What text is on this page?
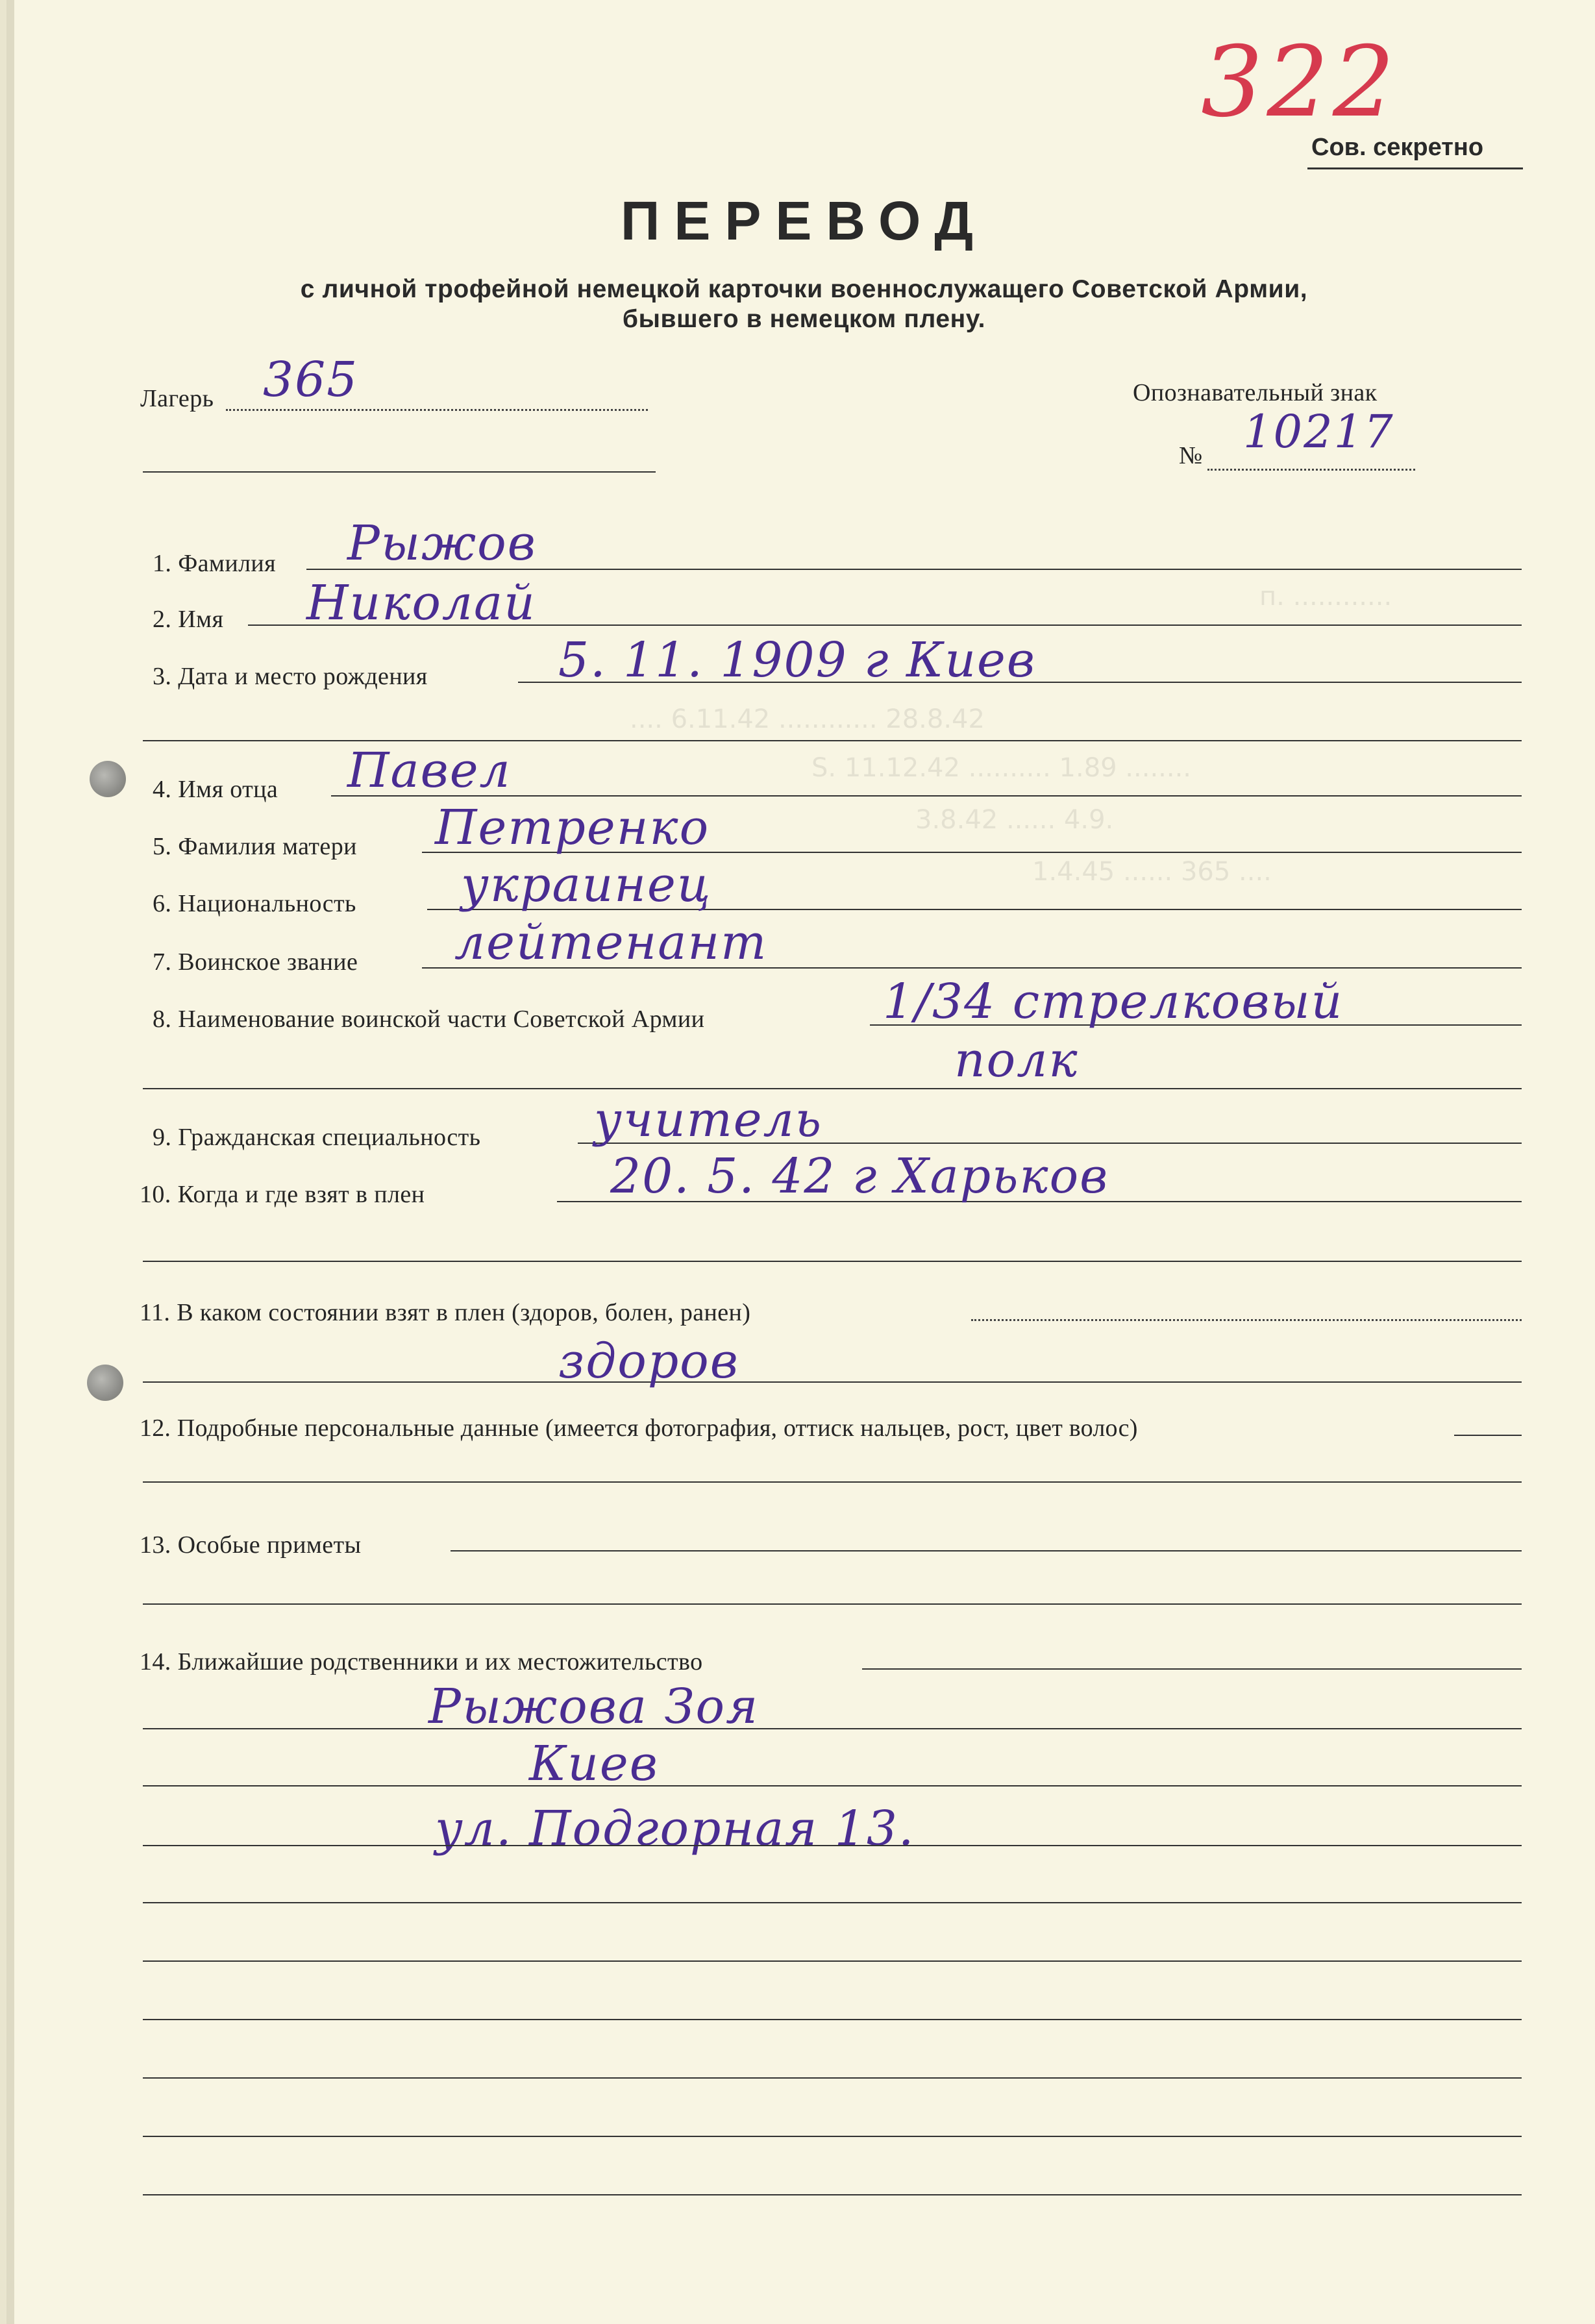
п. ............
.... 6.11.42 ............ 28.8.42
S. 11.12.42 .......... 1.89 ........
3.8.42 ...... 4.9.
1.4.45 ...... 365 ....
322
Сов. секретно
ПЕРЕВОД
с личной трофейной немецкой карточки военнослужащего Советской Армии,
бывшего в немецком плену.
Лагерь 365	Опознавательный знак
№ 10217
1. Фамилия Рыжов
2. Имя Николай
3. Дата и место рождения	5. 11. 1909 г Киев
4. Имя отца Павел
5. Фамилия матери Петренко
6. Национальность украинец
7. Воинское звание лейтенант
8. Наименование воинской части Советской Армии	1/34 стрелковый
полк
9. Гражданская специальность учитель
10. Когда и где взят в плен	20. 5. 42 г Харьков
11. В каком состоянии взят в плен (здоров, болен, ранен)
здоров
12. Подробные персональные данные (имеется фотография, оттиск нальцев, рост, цвет волос)
13. Особые приметы
14. Ближайшие родственники и их местожительство
Рыжова Зоя
Киев
ул. Подгорная 13.
